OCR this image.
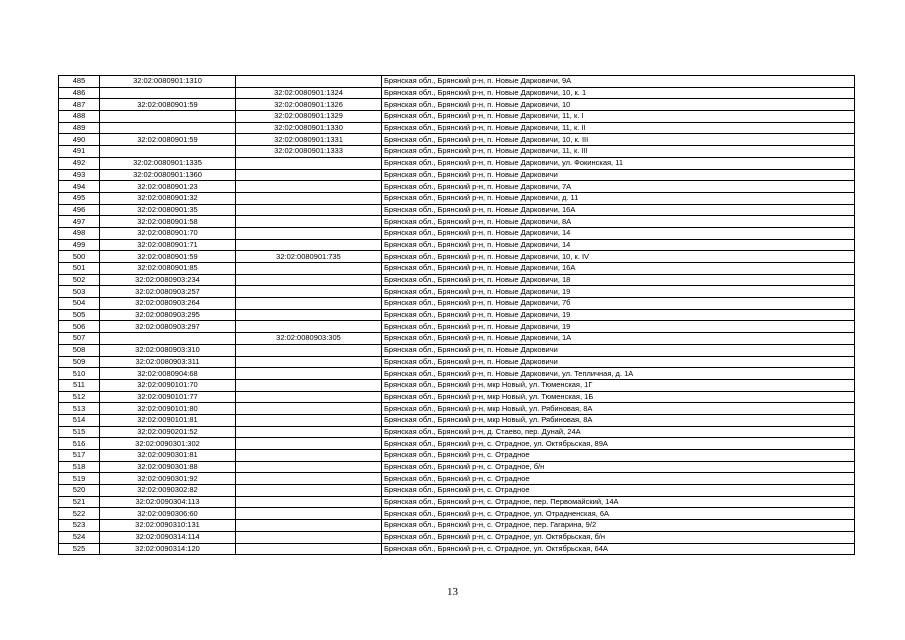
485	32:02:0080901:1310		Брянская обл., Брянский р-н, п. Новые Дарковичи, 9А
486		32:02:0080901:1324	Брянская обл., Брянский р-н, п. Новые Дарковичи, 10, к. 1
487	32:02:0080901:59	32:02:0080901:1326	Брянская обл., Брянский р-н, п. Новые Дарковичи, 10
488		32:02:0080901:1329	Брянская обл., Брянский р-н, п. Новые Дарковичи, 11, к. I
489		32:02:0080901:1330	Брянская обл., Брянский р-н, п. Новые Дарковичи, 11, к. II
490	32:02:0080901:59	32:02:0080901:1331	Брянская обл., Брянский р-н, п. Новые Дарковичи, 10, к. III
491		32:02:0080901:1333	Брянская обл., Брянский р-н, п. Новые Дарковичи, 11, к. III
492	32:02:0080901:1335		Брянская обл., Брянский р-н, п. Новые Дарковичи, ул. Фокинская, 11
493	32:02:0080901:1360		Брянская обл., Брянский р-н, п. Новые Дарковичи
494	32:02:0080901:23		Брянская обл., Брянский р-н, п. Новые Дарковичи, 7А
495	32:02:0080901:32		Брянская обл., Брянский р-н, п. Новые Дарковичи, д. 11
496	32:02:0080901:35		Брянская обл., Брянский р-н, п. Новые Дарковичи, 16А
497	32:02:0080901:58		Брянская обл., Брянский р-н, п. Новые Дарковичи, 8А
498	32:02:0080901:70		Брянская обл., Брянский р-н, п. Новые Дарковичи, 14
499	32:02:0080901:71		Брянская обл., Брянский р-н, п. Новые Дарковичи, 14
500	32:02:0080901:59	32:02:0080901:735	Брянская обл., Брянский р-н, п. Новые Дарковичи, 10, к. IV
501	32:02:0080901:85		Брянская обл., Брянский р-н, п. Новые Дарковичи, 16А
502	32:02:0080903:234		Брянская обл., Брянский р-н, п. Новые Дарковичи, 18
503	32:02:0080903:257		Брянская обл., Брянский р-н, п. Новые Дарковичи, 19
504	32:02:0080903:264		Брянская обл., Брянский р-н, п. Новые Дарковичи, 7б
505	32:02:0080903:295		Брянская обл., Брянский р-н, п. Новые Дарковичи, 19
506	32:02:0080903:297		Брянская обл., Брянский р-н, п. Новые Дарковичи, 19
507		32:02:0080903:305	Брянская обл., Брянский р-н, п. Новые Дарковичи, 1А
508	32:02:0080903:310		Брянская обл., Брянский р-н, п. Новые Дарковичи
509	32:02:0080903:311		Брянская обл., Брянский р-н, п. Новые Дарковичи
510	32:02:0080904:68		Брянская обл., Брянский р-н, п. Новые Дарковичи, ул. Тепличная, д. 1А
511	32:02:0090101:70		Брянская обл., Брянский р-н, мкр Новый, ул. Тюменская, 1Г
512	32:02:0090101:77		Брянская обл., Брянский р-н, мкр Новый, ул. Тюменская, 1Б
513	32:02:0090101:80		Брянская обл., Брянский р-н, мкр Новый, ул. Рябиновая, 8А
514	32:02:0090101:81		Брянская обл., Брянский р-н, мкр Новый, ул. Рябиновая, 8А
515	32:02:0090201:52		Брянская обл., Брянский р-н, д. Стаево, пер. Дунай, 24А
516	32:02:0090301:302		Брянская обл., Брянский р-н, с. Отрадное, ул. Октябрьская, 89А
517	32:02:0090301:81		Брянская обл., Брянский р-н, с. Отрадное
518	32:02:0090301:88		Брянская обл., Брянский р-н, с. Отрадное, б/н
519	32:02:0090301:92		Брянская обл., Брянский р-н, с. Отрадное
520	32:02:0090302:82		Брянская обл., Брянский р-н, с. Отрадное
521	32:02:0090304:113		Брянская обл., Брянский р-н, с. Отрадное, пер. Первомайский, 14А
522	32:02:0090306:60		Брянская обл., Брянский р-н, с. Отрадное, ул. Отрадненская, 6А
523	32:02:0090310:131		Брянская обл., Брянский р-н, с. Отрадное, пер. Гагарина, 9/2
524	32:02:0090314:114		Брянская обл., Брянский р-н, с. Отрадное, ул. Октябрьская, б/н
525	32:02:0090314:120		Брянская обл., Брянский р-н, с. Отрадное, ул. Октябрьская, 64А
13
